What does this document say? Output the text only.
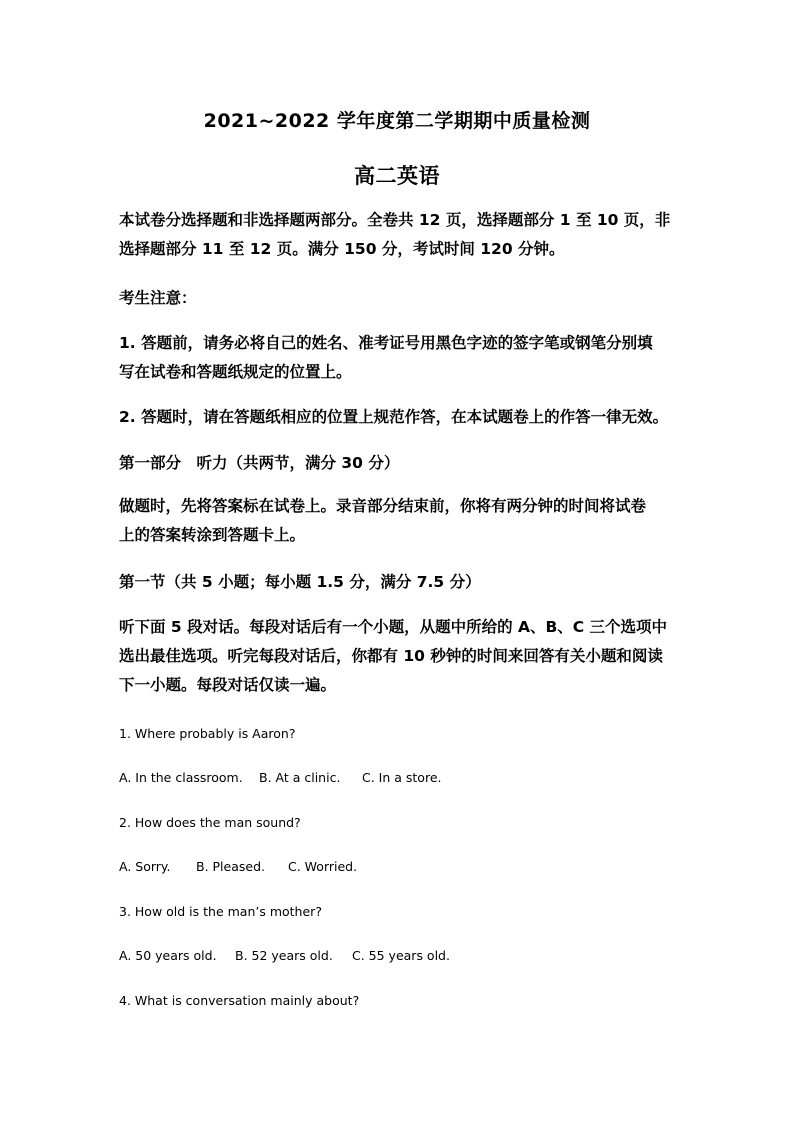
2021~2022 学年度第二学期期中质量检测
高二英语
本试卷分选择题和非选择题两部分。全卷共 12 页，选择题部分 1 至 10 页，非
选择题部分 11 至 12 页。满分 150 分，考试时间 120 分钟。
考生注意：
1. 答题前，请务必将自己的姓名、准考证号用黑色字迹的签字笔或钢笔分别填
写在试卷和答题纸规定的位置上。
2. 答题时，请在答题纸相应的位置上规范作答，在本试题卷上的作答一律无效。
第一部分　听力（共两节，满分 30 分）
做题时，先将答案标在试卷上。录音部分结束前，你将有两分钟的时间将试卷
上的答案转涂到答题卡上。
第一节（共 5 小题；每小题 1.5 分，满分 7.5 分）
听下面 5 段对话。每段对话后有一个小题，从题中所给的 A、B、C 三个选项中
选出最佳选项。听完每段对话后，你都有 10 秒钟的时间来回答有关小题和阅读
下一小题。每段对话仅读一遍。
1. Where probably is Aaron?
A. In the classroom. B. At a clinic. C. In a store.
2. How does the man sound?
A. Sorry. B. Pleased. C. Worried.
3. How old is the man’s mother?
A. 50 years old. B. 52 years old. C. 55 years old.
4. What is conversation mainly about?
